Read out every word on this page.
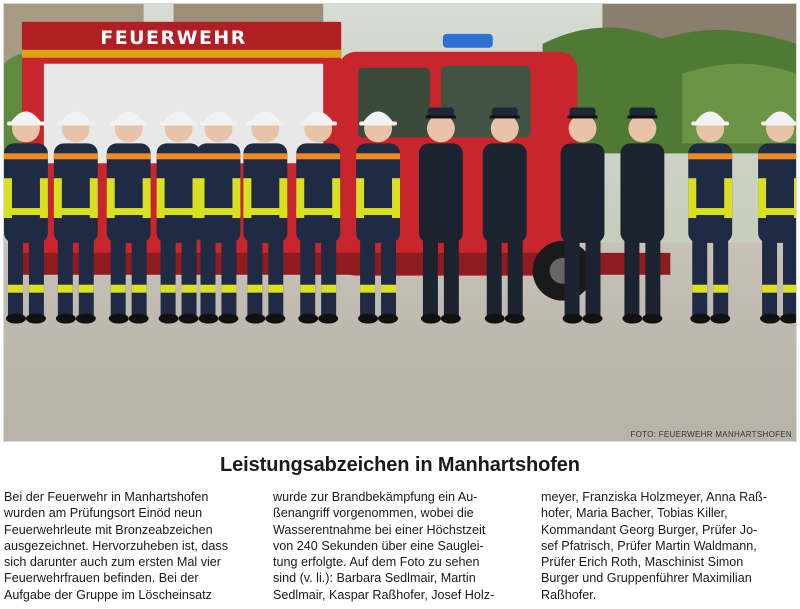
FEUERWEHR
FOTO: FEUERWEHR MANHARTSHOFEN
Leistungsabzeichen in Manhartshofen
Bei der Feuerwehr in Manhartshofen
wurden am Prüfungsort Einöd neun
Feuerwehrleute mit Bronzeabzeichen
ausgezeichnet. Hervorzuheben ist, dass
sich darunter auch zum ersten Mal vier
Feuerwehrfrauen befinden. Bei der
Aufgabe der Gruppe im Löscheinsatz
wurde zur Brandbekämpfung ein Au-
ßenangriff vorgenommen, wobei die
Wasserentnahme bei einer Höchstzeit
von 240 Sekunden über eine Sauglei-
tung erfolgte. Auf dem Foto zu sehen
sind (v. li.): Barbara Sedlmair, Martin
Sedlmair, Kaspar Raßhofer, Josef Holz-
meyer, Franziska Holzmeyer, Anna Raß-
hofer, Maria Bacher, Tobias Killer,
Kommandant Georg Burger, Prüfer Jo-
sef Pfatrisch, Prüfer Martin Waldmann,
Prüfer Erich Roth, Maschinist Simon
Burger und Gruppenführer Maximilian
Raßhofer.
